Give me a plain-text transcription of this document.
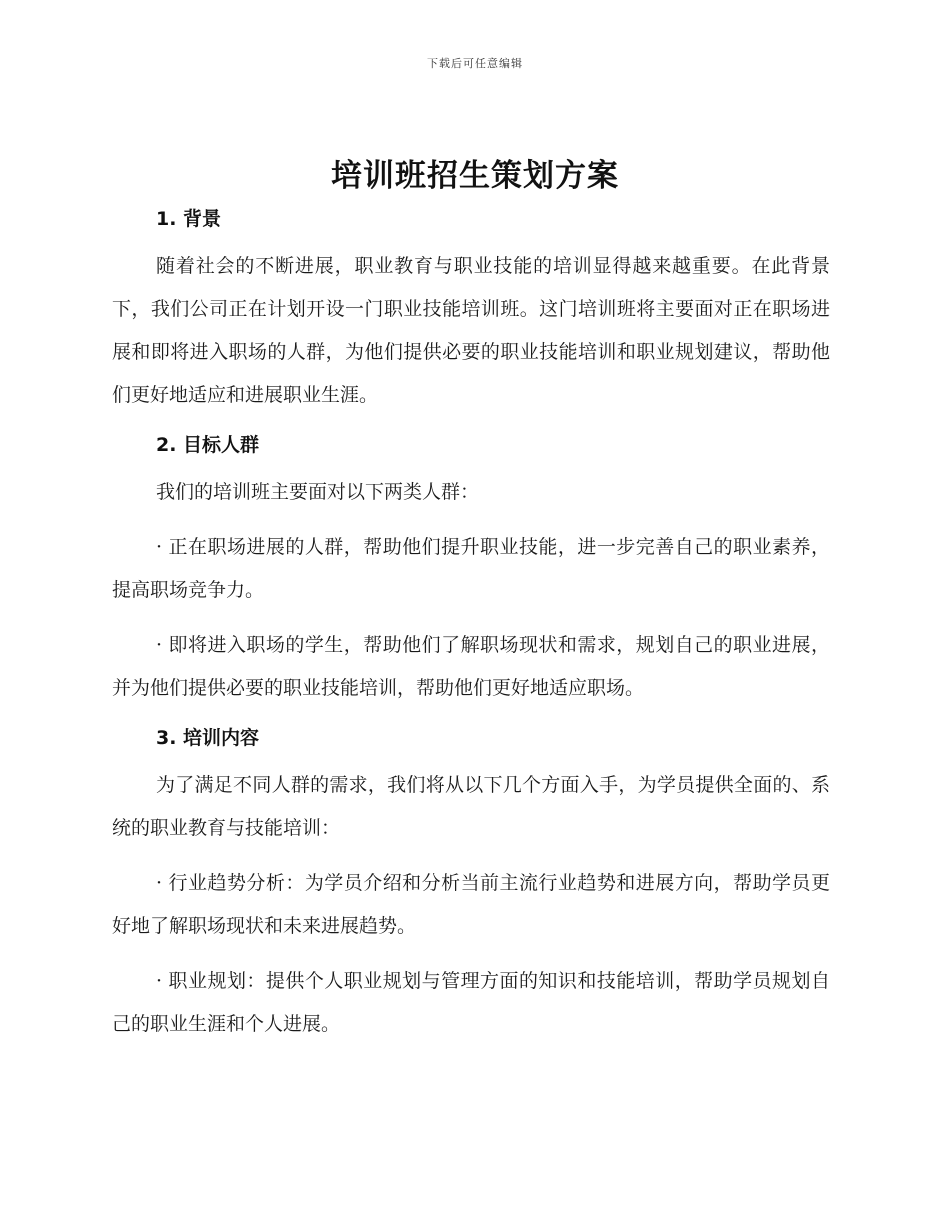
下载后可任意编辑
培训班招生策划方案
1. 背景

随着社会的不断进展，职业教育与职业技能的培训显得越来越重要。在此背景下，我们公司正在计划开设一门职业技能培训班。这门培训班将主要面对正在职场进展和即将进入职场的人群，为他们提供必要的职业技能培训和职业规划建议，帮助他们更好地适应和进展职业生涯。

2. 目标人群

我们的培训班主要面对以下两类人群：

· 正在职场进展的人群，帮助他们提升职业技能，进一步完善自己的职业素养，提高职场竞争力。

· 即将进入职场的学生，帮助他们了解职场现状和需求，规划自己的职业进展，并为他们提供必要的职业技能培训，帮助他们更好地适应职场。

3. 培训内容

为了满足不同人群的需求，我们将从以下几个方面入手，为学员提供全面的、系统的职业教育与技能培训：

· 行业趋势分析：为学员介绍和分析当前主流行业趋势和进展方向，帮助学员更好地了解职场现状和未来进展趋势。

· 职业规划：提供个人职业规划与管理方面的知识和技能培训，帮助学员规划自己的职业生涯和个人进展。
